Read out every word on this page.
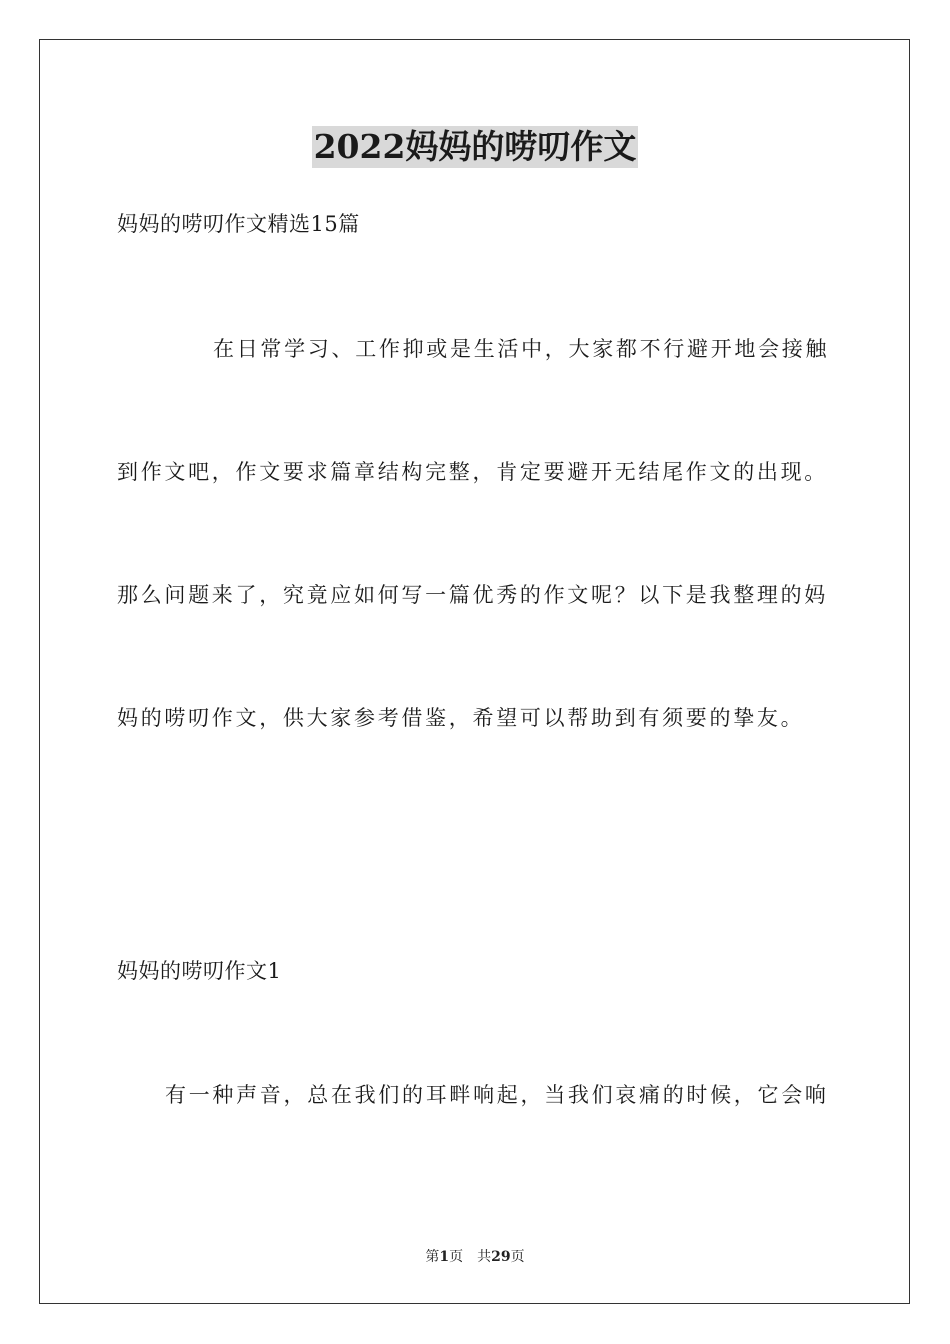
2022妈妈的唠叨作文
妈妈的唠叨作文精选15篇
在日常学习、工作抑或是生活中，大家都不行避开地会接触
到作文吧，作文要求篇章结构完整，肯定要避开无结尾作文的出现。
那么问题来了，究竟应如何写一篇优秀的作文呢？以下是我整理的妈
妈的唠叨作文，供大家参考借鉴，希望可以帮助到有须要的挚友。
妈妈的唠叨作文1
有一种声音，总在我们的耳畔响起，当我们哀痛的时候，它会响
第1页 共29页
